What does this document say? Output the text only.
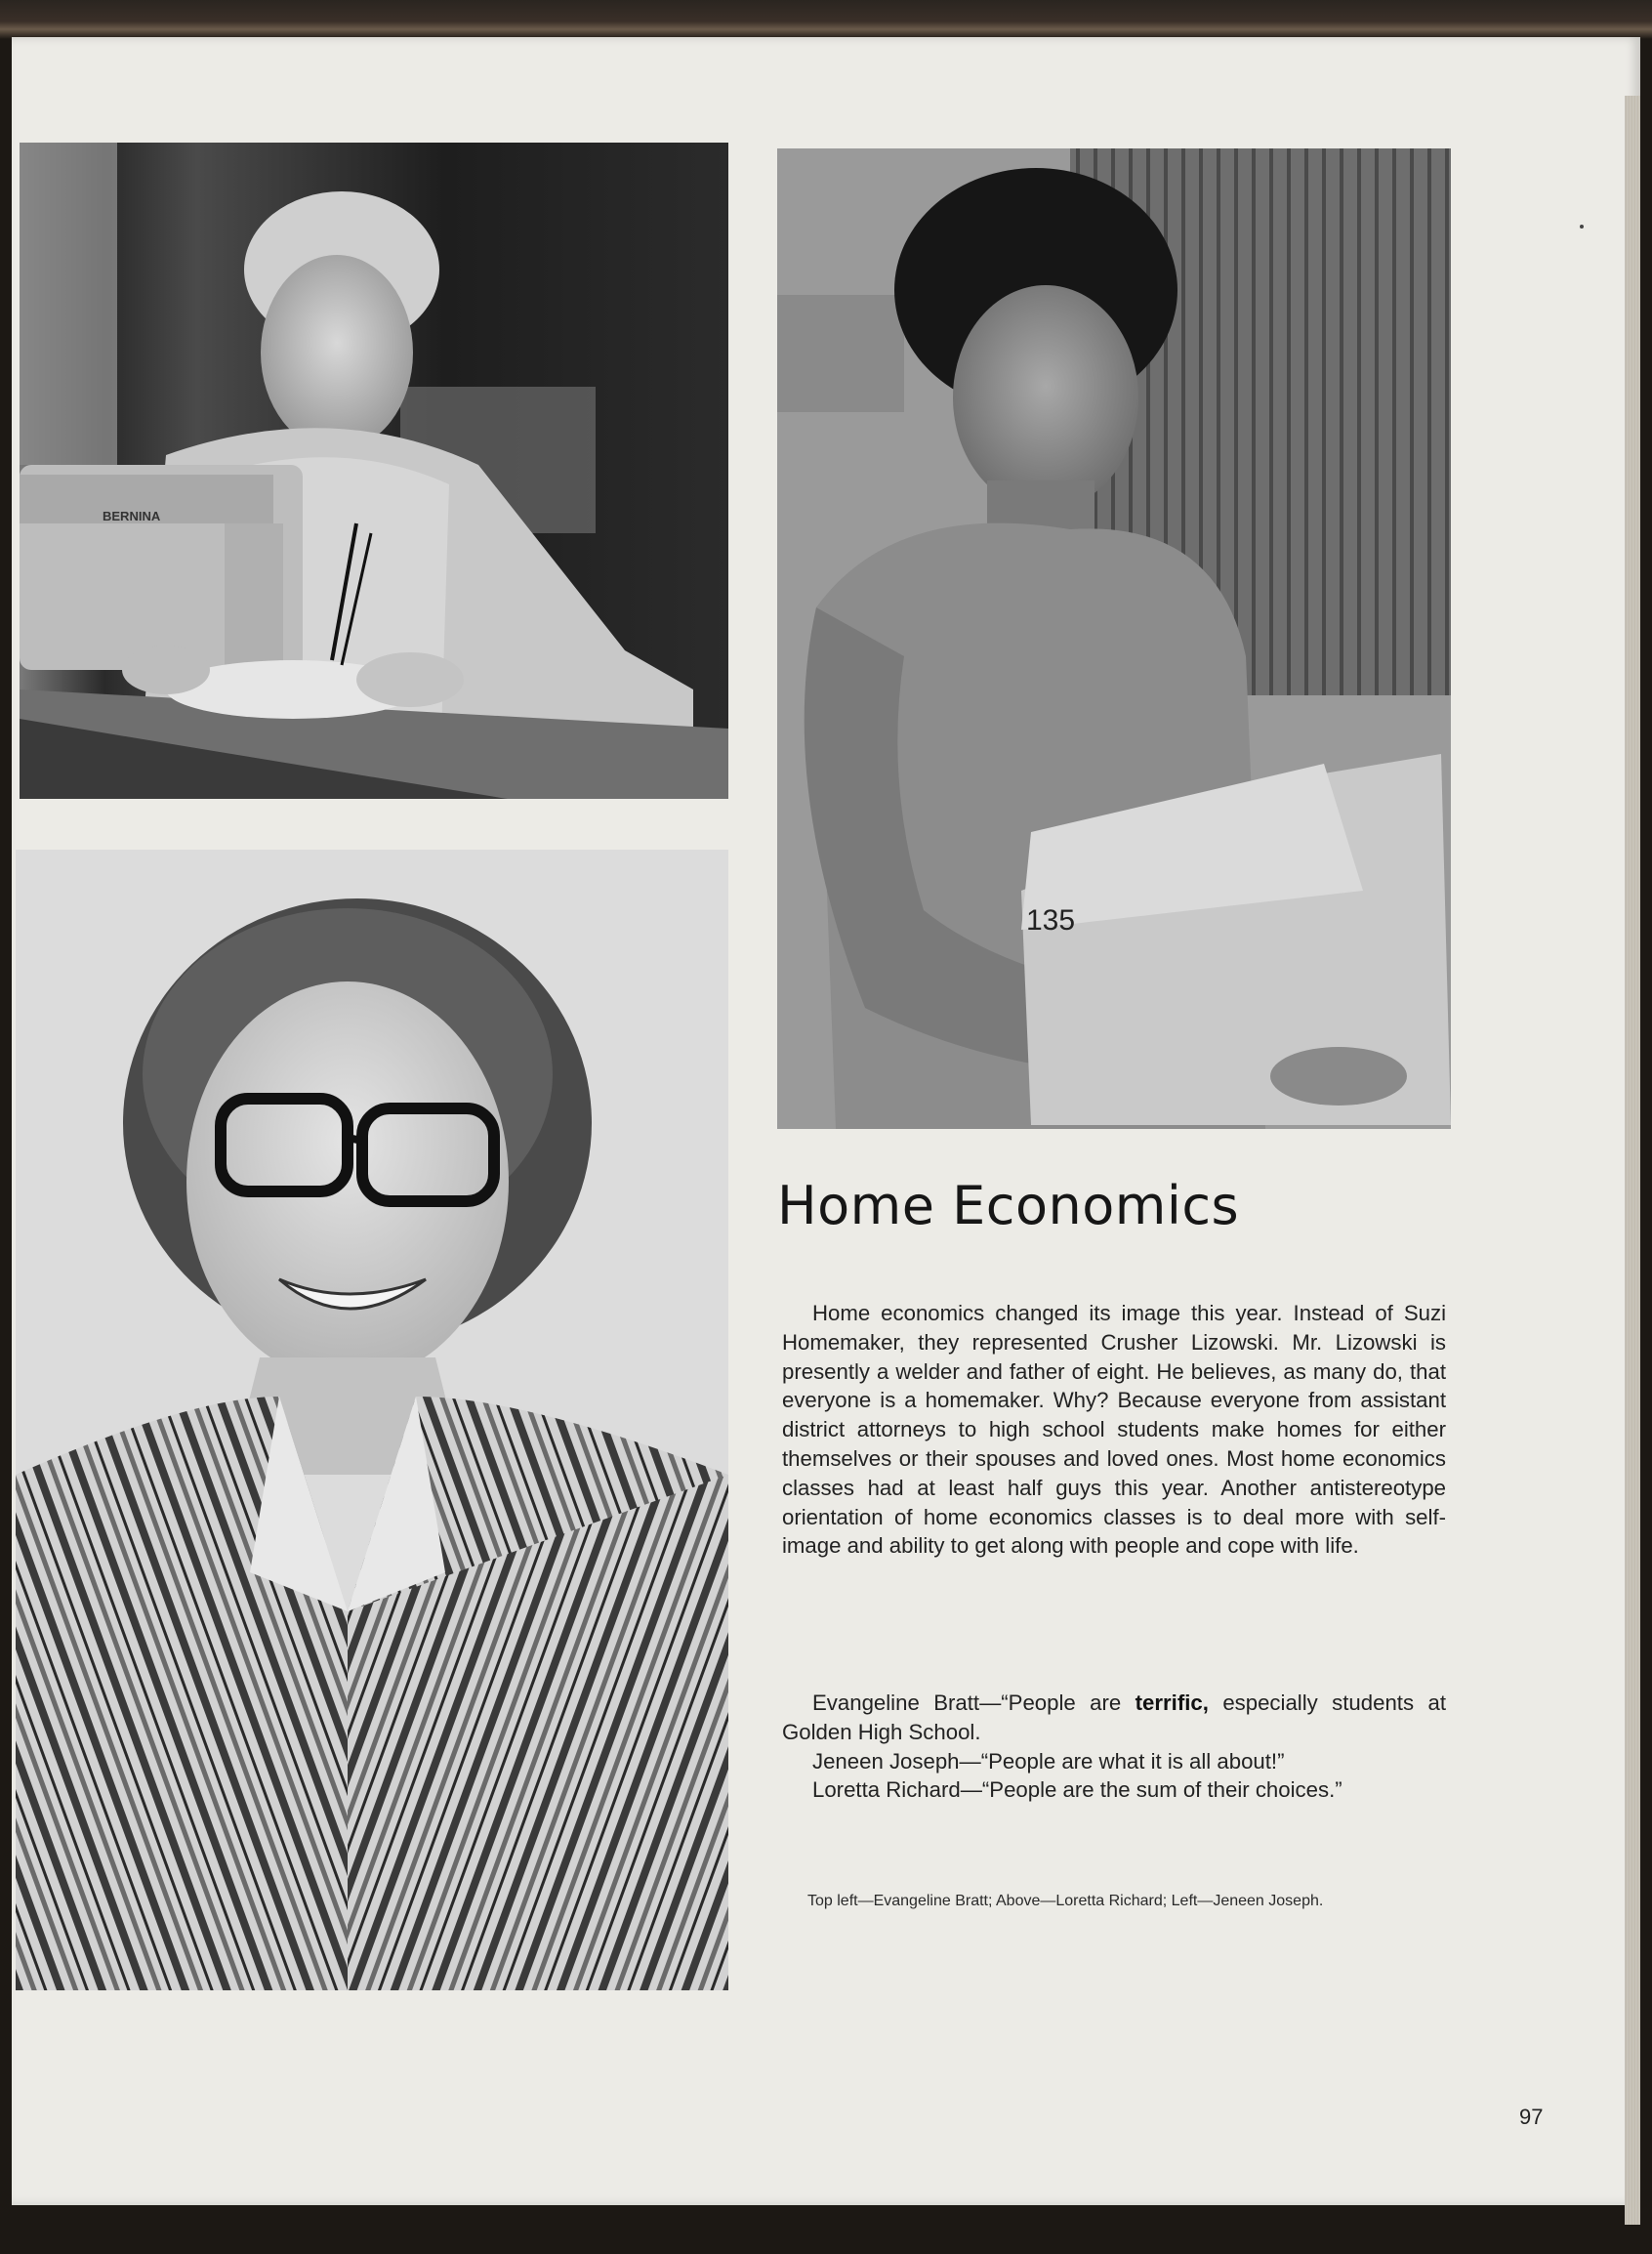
BERNINA
135
Home Economics

Home economics changed its image this year. Instead of Suzi Homemaker, they represented Crusher Lizowski. Mr. Lizowski is presently a welder and father of eight. He believes, as many do, that everyone is a homemaker. Why? Because everyone from assistant district attorneys to high school students make homes for either themselves or their spouses and loved ones. Most home economics classes had at least half guys this year. Another antistereotype orientation of home economics classes is to deal more with self-image and ability to get along with people and cope with life.

Evangeline Bratt—“People are terrific, especially students at Golden High School.

Jeneen Joseph—“People are what it is all about!”

Loretta Richard—“People are the sum of their choices.”

Top left—Evangeline Bratt; Above—Loretta Richard; Left—Jeneen Joseph.

97
